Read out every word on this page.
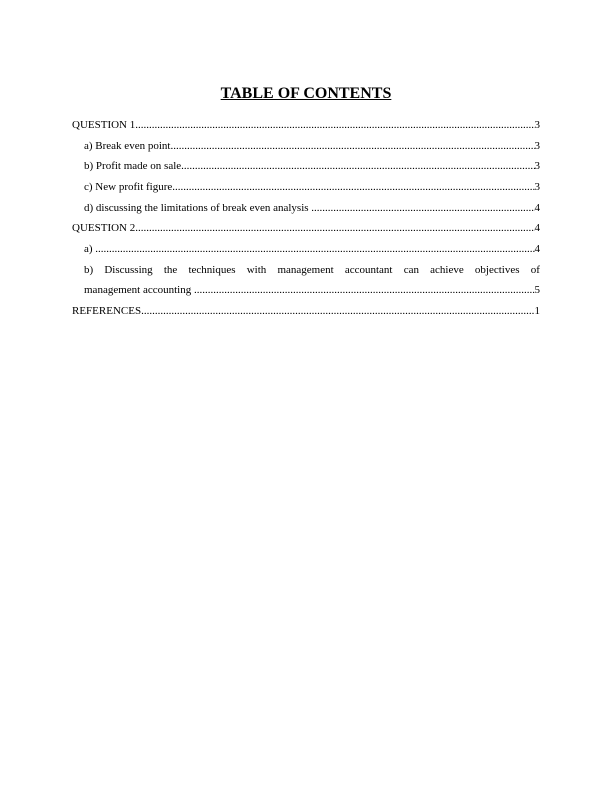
TABLE OF CONTENTS
QUESTION 1 .....	3
a) Break even point .....	3
b) Profit made on sale .....	3
c) New profit figure .....	3
d) discussing the limitations of break even analysis .....	4
QUESTION 2 .....	4
a) .....	4
b) Discussing the techniques with management accountant can achieve objectives of
management accounting .....	5
REFERENCES .....	1
